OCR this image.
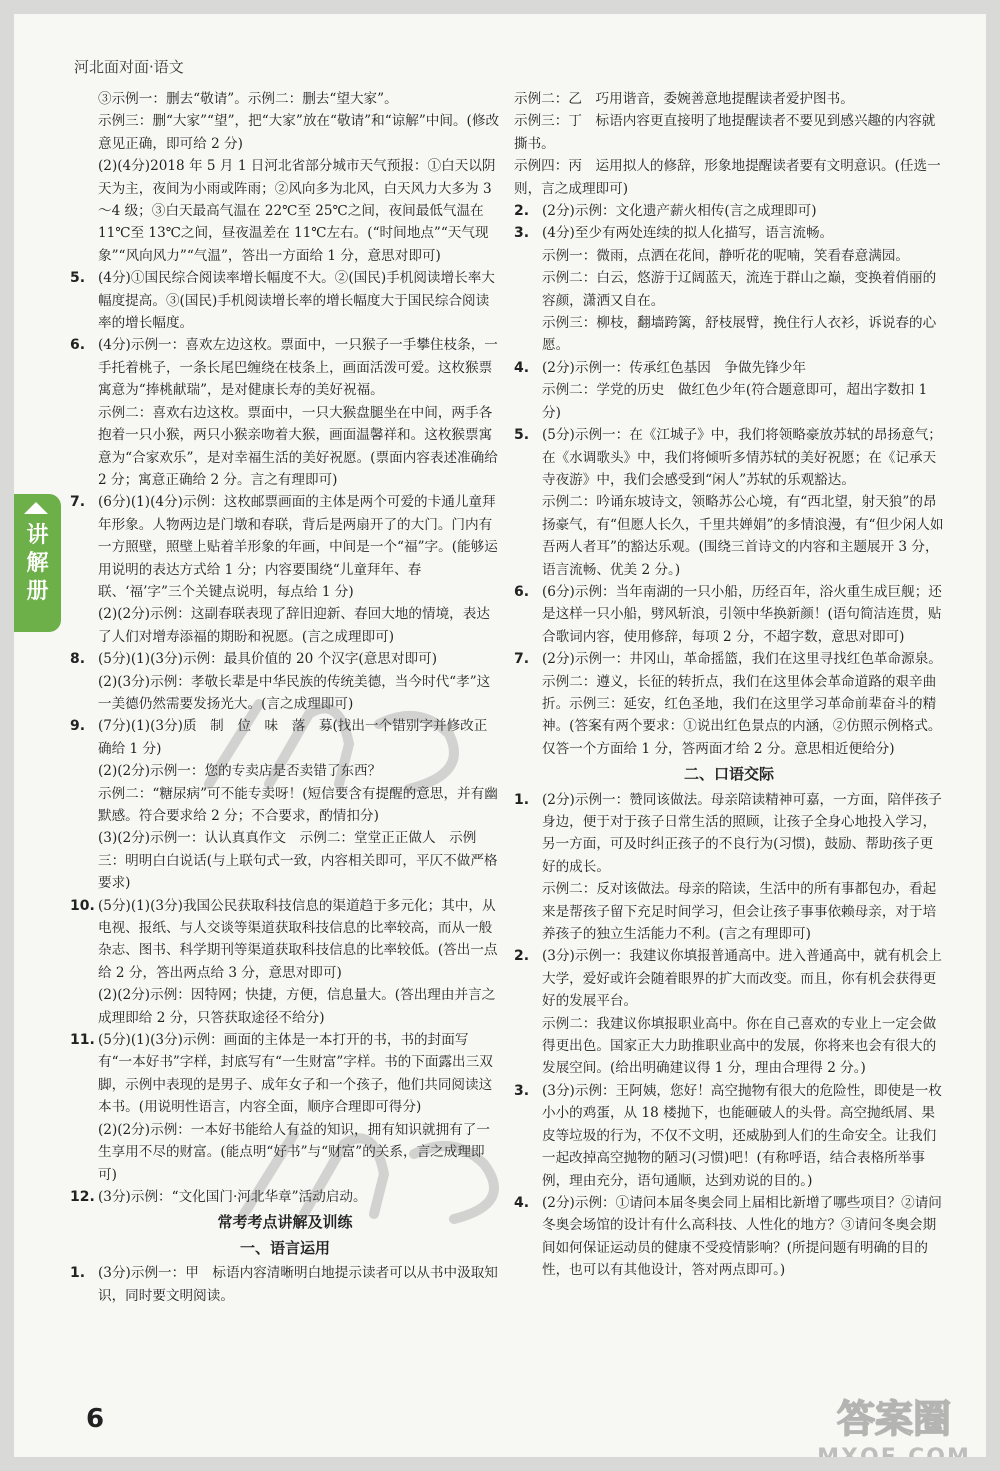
河北面对面·语文
讲
解
册

③示例一：删去“敬请”。示例二：删去“望大家”。

示例三：删“大家”“望”，把“大家”放在“敬请”和“谅解”中间。(修改意见正确，即可给 2 分)

(2)(4分)2018 年 5 月 1 日河北省部分城市天气预报：①白天以阴天为主，夜间为小雨或阵雨；②风向多为北风，白天风力大多为 3～4 级；③白天最高气温在 22℃至 25℃之间，夜间最低气温在 11℃至 13℃之间，昼夜温差在 11℃左右。(“时间地点”“天气现象”“风向风力”“气温”，答出一方面给 1 分，意思对即可)

5. (4分)①国民综合阅读率增长幅度不大。②(国民)手机阅读增长率大幅度提高。③(国民)手机阅读增长率的增长幅度大于国民综合阅读率的增长幅度。

6. (4分)示例一：喜欢左边这枚。票面中，一只猴子一手攀住枝条，一手托着桃子，一条长尾巴缠绕在枝条上，画面活泼可爱。这枚猴票寓意为“捧桃献瑞”，是对健康长寿的美好祝福。

示例二：喜欢右边这枚。票面中，一只大猴盘腿坐在中间，两手各抱着一只小猴，两只小猴亲吻着大猴，画面温馨祥和。这枚猴票寓意为“合家欢乐”，是对幸福生活的美好祝愿。(票面内容表述准确给 2 分；寓意正确给 2 分。言之有理即可)

7. (6分)(1)(4分)示例：这枚邮票画面的主体是两个可爱的卡通儿童拜年形象。人物两边是门墩和春联，背后是两扇开了的大门。门内有一方照壁，照壁上贴着羊形象的年画，中间是一个“福”字。(能够运用说明的表达方式给 1 分；内容要围绕“儿童拜年、春联、‘福’字”三个关键点说明，每点给 1 分)

(2)(2分)示例：这副春联表现了辞旧迎新、春回大地的情境，表达了人们对增寿添福的期盼和祝愿。(言之成理即可)

8. (5分)(1)(3分)示例：最具价值的 20 个汉字(意思对即可)

(2)(3分)示例：孝敬长辈是中华民族的传统美德，当今时代“孝”这一美德仍然需要发扬光大。(言之成理即可)

9. (7分)(1)(3分)质　制　位　味　落　募(找出一个错别字并修改正确给 1 分)

(2)(2分)示例一：您的专卖店是否卖错了东西？

示例二：“糖尿病”可不能专卖呀！(短信要含有提醒的意思，并有幽默感。符合要求给 2 分；不合要求，酌情扣分)

(3)(2分)示例一：认认真真作文　示例二：堂堂正正做人　示例三：明明白白说话(与上联句式一致，内容相关即可，平仄不做严格要求)

10. (5分)(1)(3分)我国公民获取科技信息的渠道趋于多元化；其中，从电视、报纸、与人交谈等渠道获取科技信息的比率较高，而从一般杂志、图书、科学期刊等渠道获取科技信息的比率较低。(答出一点给 2 分，答出两点给 3 分，意思对即可)

(2)(2分)示例：因特网；快捷，方便，信息量大。(答出理由并言之成理即给 2 分，只答获取途径不给分)

11. (5分)(1)(3分)示例：画面的主体是一本打开的书，书的封面写有“一本好书”字样，封底写有“一生财富”字样。书的下面露出三双脚，示例中表现的是男子、成年女子和一个孩子，他们共同阅读这本书。(用说明性语言，内容全面，顺序合理即可得分)

(2)(2分)示例：一本好书能给人有益的知识，拥有知识就拥有了一生享用不尽的财富。(能点明“好书”与“财富”的关系，言之成理即可)

12. (3分)示例：“文化国门·河北华章”活动启动。

常考考点讲解及训练
一、语言运用
1. (3分)示例一：甲　标语内容清晰明白地提示读者可以从书中汲取知识，同时要文明阅读。

示例二：乙　巧用谐音，委婉善意地提醒读者爱护图书。

示例三：丁　标语内容更直接明了地提醒读者不要见到感兴趣的内容就撕书。

示例四：丙　运用拟人的修辞，形象地提醒读者要有文明意识。(任选一则，言之成理即可)

2. (2分)示例：文化遗产薪火相传(言之成理即可)

3. (4分)至少有两处连续的拟人化描写，语言流畅。

示例一：微雨，点洒在花间，静听花的呢喃，笑看春意满园。

示例二：白云，悠游于辽阔蓝天，流连于群山之巅，变换着俏丽的容颜，潇洒又自在。

示例三：柳枝，翻墙跨篱，舒枝展臂，挽住行人衣衫，诉说春的心愿。

4. (2分)示例一：传承红色基因　争做先锋少年

示例二：学党的历史　做红色少年(符合题意即可，超出字数扣 1 分)

5. (5分)示例一：在《江城子》中，我们将领略豪放苏轼的昂扬意气；在《水调歌头》中，我们将倾听多情苏轼的美好祝愿；在《记承天寺夜游》中，我们会感受到“闲人”苏轼的乐观豁达。

示例二：吟诵东坡诗文，领略苏公心境，有“西北望，射天狼”的昂扬豪气，有“但愿人长久，千里共婵娟”的多情浪漫，有“但少闲人如吾两人者耳”的豁达乐观。(围绕三首诗文的内容和主题展开 3 分，语言流畅、优美 2 分。)

6. (6分)示例：当年南湖的一只小船，历经百年，浴火重生成巨舰；还是这样一只小船，劈风斩浪，引领中华换新颜！(语句简洁连贯，贴合歌词内容，使用修辞，每项 2 分，不超字数，意思对即可)

7. (2分)示例一：井冈山，革命摇篮，我们在这里寻找红色革命源泉。示例二：遵义，长征的转折点，我们在这里体会革命道路的艰辛曲折。示例三：延安，红色圣地，我们在这里学习革命前辈奋斗的精神。(答案有两个要求：①说出红色景点的内涵，②仿照示例格式。仅答一个方面给 1 分，答两面才给 2 分。意思相近便给分)

二、口语交际
1. (2分)示例一：赞同该做法。母亲陪读精神可嘉，一方面，陪伴孩子身边，便于对于孩子日常生活的照顾，让孩子全身心地投入学习，另一方面，可及时纠正孩子的不良行为(习惯)，鼓励、帮助孩子更好的成长。

示例二：反对该做法。母亲的陪读，生活中的所有事都包办，看起来是帮孩子留下充足时间学习，但会让孩子事事依赖母亲，对于培养孩子的独立生活能力不利。(言之有理即可)

2. (3分)示例一：我建议你填报普通高中。进入普通高中，就有机会上大学，爱好或许会随着眼界的扩大而改变。而且，你有机会获得更好的发展平台。

示例二：我建议你填报职业高中。你在自己喜欢的专业上一定会做得更出色。国家正大力助推职业高中的发展，你将来也会有很大的发展空间。(给出明确建议得 1 分，理由合理得 2 分。)

3. (3分)示例：王阿姨，您好！高空抛物有很大的危险性，即使是一枚小小的鸡蛋，从 18 楼抛下，也能砸破人的头骨。高空抛纸屑、果皮等垃圾的行为，不仅不文明，还威胁到人们的生命安全。让我们一起改掉高空抛物的陋习(习惯)吧！(有称呼语，结合表格所举事例，理由充分，语句通顺，达到劝说的目的。)

4. (2分)示例：①请问本届冬奥会同上届相比新增了哪些项目？②请问冬奥会场馆的设计有什么高科技、人性化的地方？③请问冬奥会期间如何保证运动员的健康不受疫情影响？(所提问题有明确的目的性，也可以有其他设计，答对两点即可。)

6	答案圈
MXQE.COM
